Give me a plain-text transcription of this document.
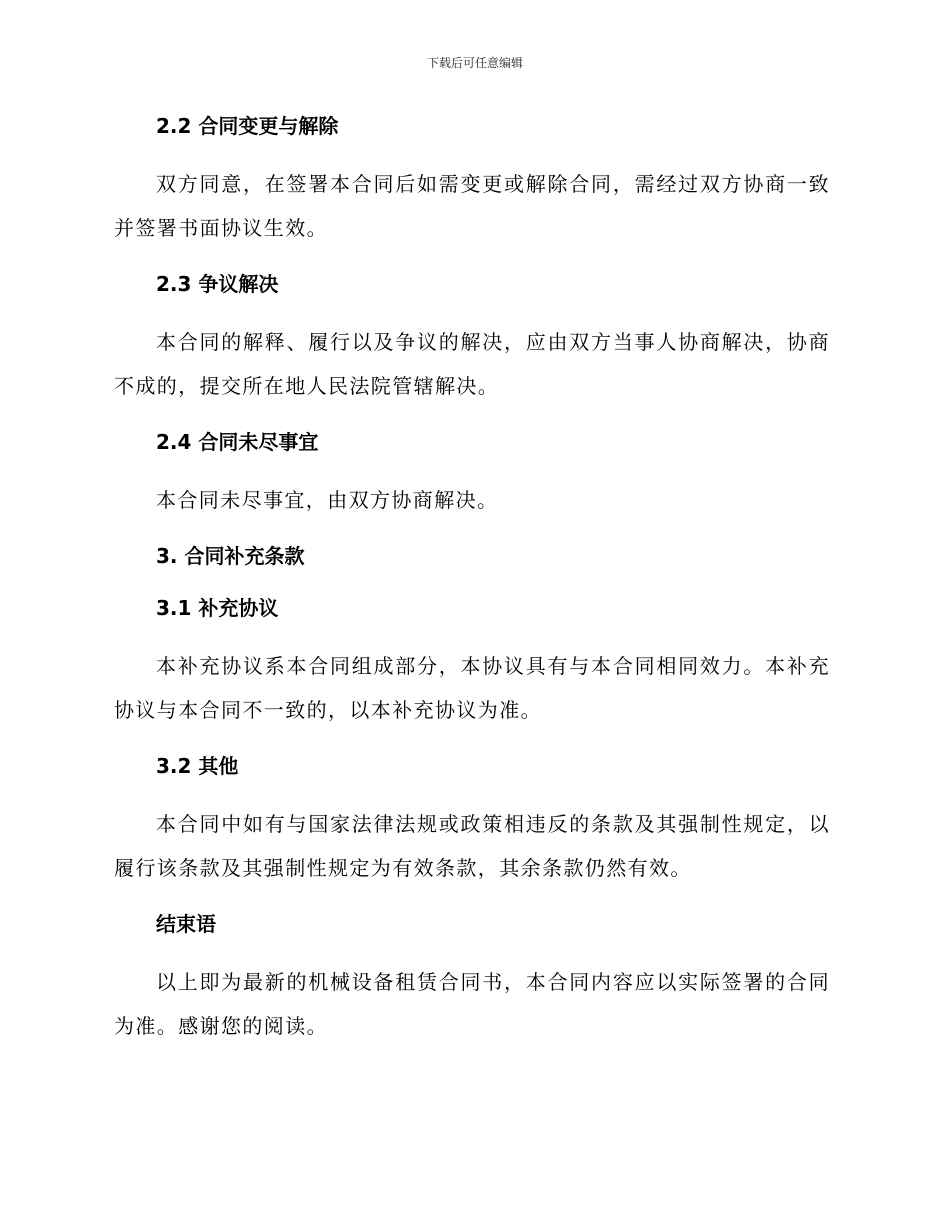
下载后可任意编辑
2.2 合同变更与解除
双方同意，在签署本合同后如需变更或解除合同，需经过双方协商一致并签署书面协议生效。
2.3 争议解决
本合同的解释、履行以及争议的解决，应由双方当事人协商解决，协商不成的，提交所在地人民法院管辖解决。
2.4 合同未尽事宜
本合同未尽事宜，由双方协商解决。
3. 合同补充条款
3.1 补充协议
本补充协议系本合同组成部分，本协议具有与本合同相同效力。本补充协议与本合同不一致的，以本补充协议为准。
3.2 其他
本合同中如有与国家法律法规或政策相违反的条款及其强制性规定，以履行该条款及其强制性规定为有效条款，其余条款仍然有效。
结束语
以上即为最新的机械设备租赁合同书，本合同内容应以实际签署的合同为准。感谢您的阅读。
